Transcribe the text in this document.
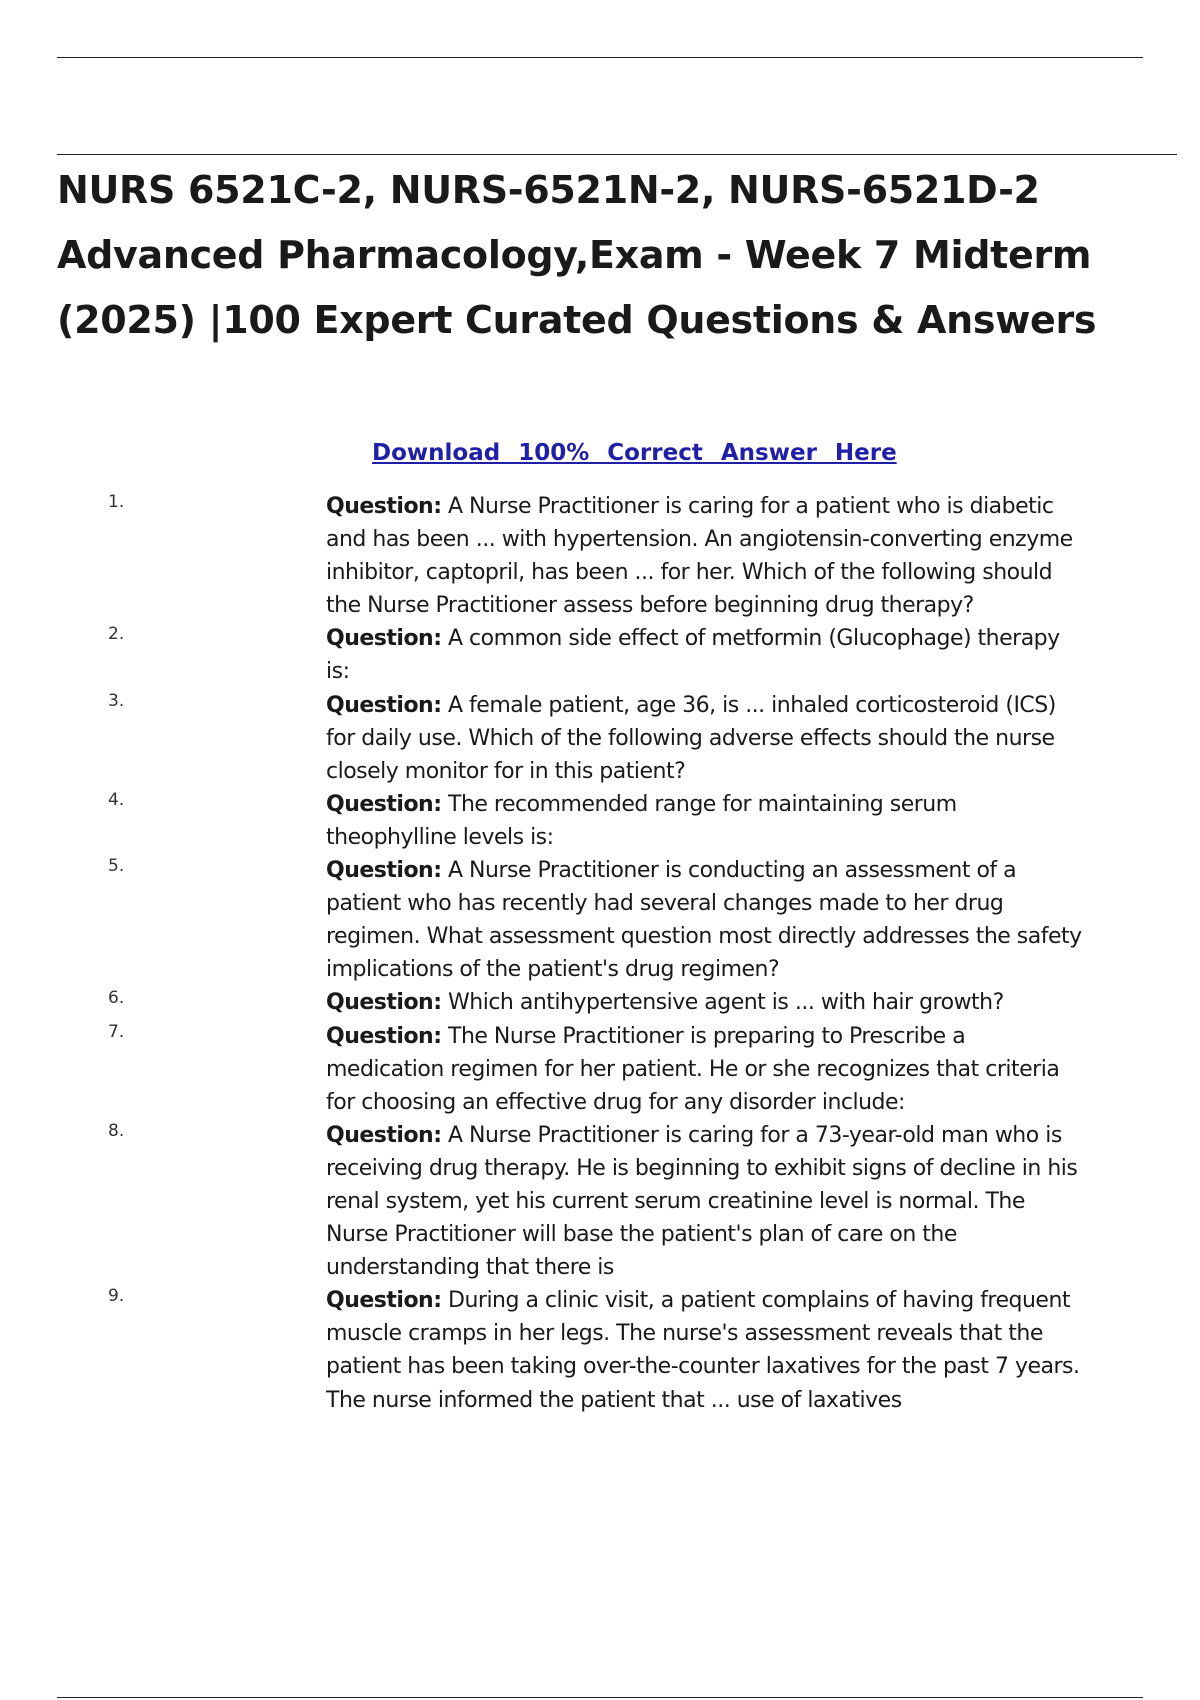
NURS 6521C-2, NURS-6521N-2, NURS-6521D-2
Advanced Pharmacology,Exam - Week 7 Midterm
(2025) |100 Expert Curated Questions & Answers
Download 100% Correct Answer Here
1.	Question: A Nurse Practitioner is caring for a patient who is diabetic and has been ... with hypertension. An angiotensin-converting enzyme inhibitor, captopril, has been ... for her. Which of the following should the Nurse Practitioner assess before beginning drug therapy?
2.	Question: A common side effect of metformin (Glucophage) therapy is:
3.	Question: A female patient, age 36, is ... inhaled corticosteroid (ICS) for daily use. Which of the following adverse effects should the nurse closely monitor for in this patient?
4.	Question: The recommended range for maintaining serum theophylline levels is:
5.	Question: A Nurse Practitioner is conducting an assessment of a patient who has recently had several changes made to her drug regimen. What assessment question most directly addresses the safety implications of the patient's drug regimen?
6.	Question: Which antihypertensive agent is ... with hair growth?
7.	Question: The Nurse Practitioner is preparing to Prescribe a medication regimen for her patient. He or she recognizes that criteria for choosing an effective drug for any disorder include:
8.	Question: A Nurse Practitioner is caring for a 73-year-old man who is receiving drug therapy. He is beginning to exhibit signs of decline in his renal system, yet his current serum creatinine level is normal. The Nurse Practitioner will base the patient's plan of care on the understanding that there is
9.	Question: During a clinic visit, a patient complains of having frequent muscle cramps in her legs. The nurse's assessment reveals that the patient has been taking over-the-counter laxatives for the past 7 years. The nurse informed the patient that ... use of laxatives
